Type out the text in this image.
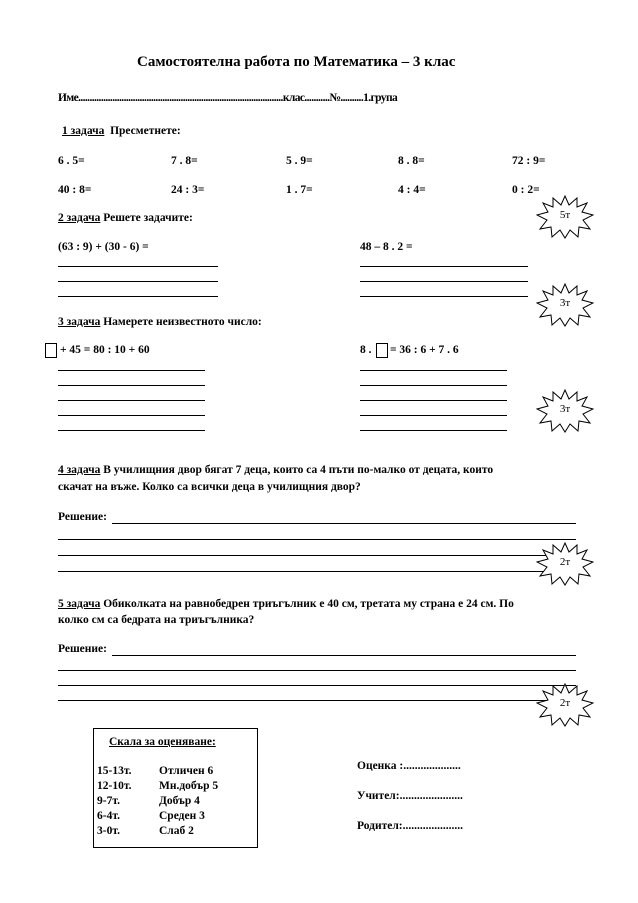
Самостоятелна работа по Математика – 3 клас
Име..........................................................................................клас...........№..........1.група
1 задача Пресметнете:
6 . 5=	7 . 8=	5 . 9=	8 . 8=	72 : 9=
40 : 8=	24 : 3=	1 . 7=	4 : 4=	0 : 2=
5т
2 задача Решете задачите:
(63 : 9) + (30 - 6) =	48 – 8 . 2 =
3т
3 задача Намерете неизвестното число:
+ 45 = 80 : 10 + 60	8 . = 36 : 6 + 7 . 6
3т
4 задача В училищния двор бягат 7 деца, които са 4 пъти по-малко от децата, които
скачат на въже. Колко са всички деца в училищния двор?
Решение:
2т
5 задача Обиколката на равнобедрен триъгълник е 40 см, третата му страна е 24 см. По
колко см са бедрата на триъгълника?
Решение:
2т
Скала за оценяване:
15-13т. Отличен 6
12-10т. Мн.добър 5
9-7т.	Добър 4
6-4т.	Среден 3
3-0т.	Слаб 2
Оценка :....................
Учител:......................
Родител:.....................
